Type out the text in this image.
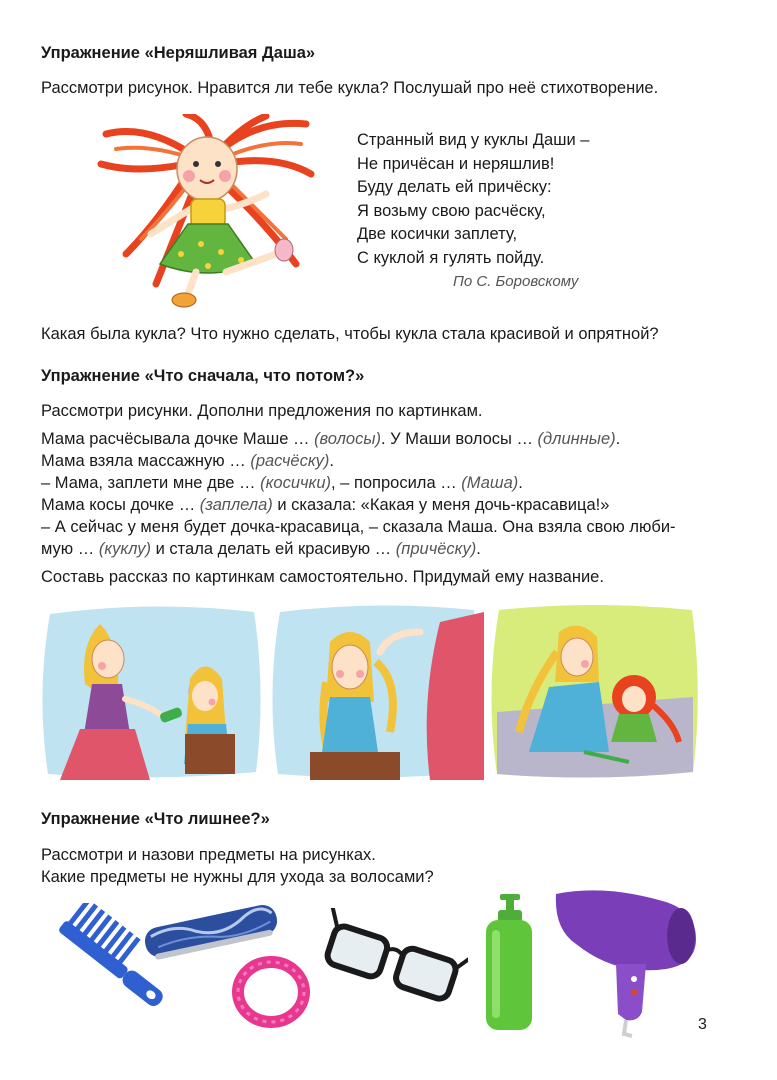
Упражнение «Неряшливая Даша»
Рассмотри рисунок. Нравится ли тебе кукла? Послушай про неё стихотворение.
Странный вид у куклы Даши –
Не причёсан и неряшлив!
Буду делать ей причёску:
Я возьму свою расчёску,
Две косички заплету,
С куклой я гулять пойду.
По С. Боровскому
Какая была кукла? Что нужно сделать, чтобы кукла стала красивой и опрятной?
Упражнение «Что сначала, что потом?»
Рассмотри рисунки. Дополни предложения по картинкам.
Мама расчёсывала дочке Маше … (волосы). У Маши волосы … (длинные).
Мама взяла массажную … (расчёску).
– Мама, заплети мне две … (косички), – попросила … (Маша).
Мама косы дочке … (заплела) и сказала: «Какая у меня дочь-красавица!»
– А сейчас у меня будет дочка-красавица, – сказала Маша. Она взяла свою люби-
мую … (куклу) и стала делать ей красивую … (причёску).
Составь рассказ по картинкам самостоятельно. Придумай ему название.
Упражнение «Что лишнее?»
Рассмотри и назови предметы на рисунках.
Какие предметы не нужны для ухода за волосами?
3
